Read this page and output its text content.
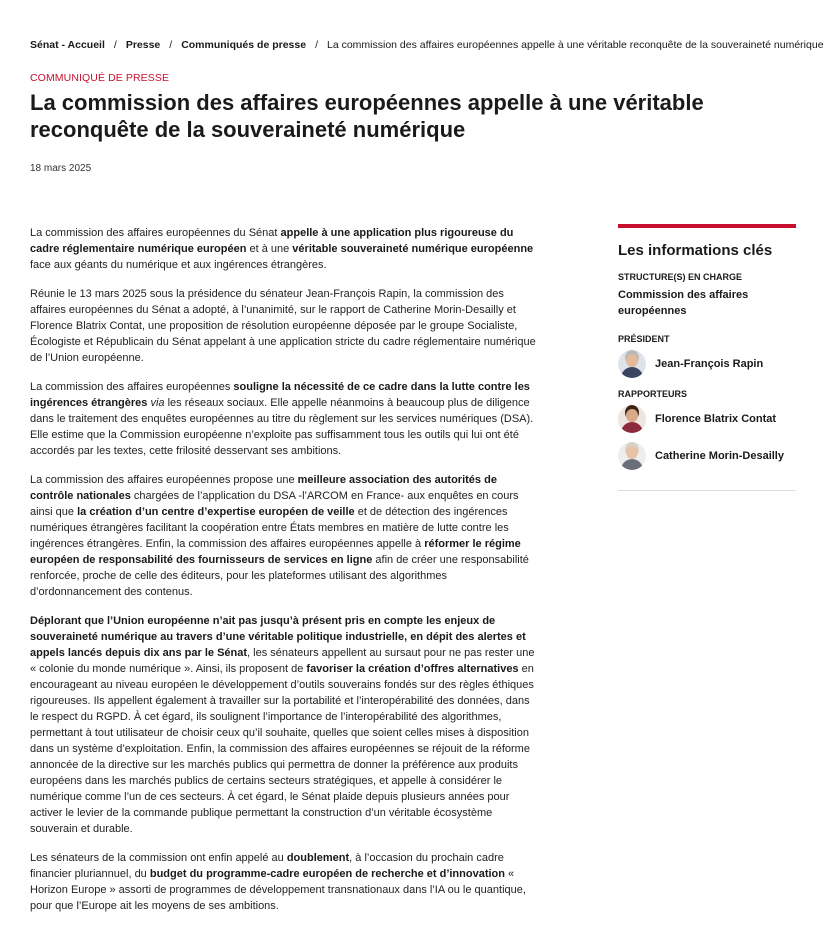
Sénat - Accueil / Presse / Communiqués de presse / La commission des affaires européennes appelle à une véritable reconquête de la souveraineté numérique
COMMUNIQUÉ DE PRESSE
La commission des affaires européennes appelle à une véritable reconquête de la souveraineté numérique
18 mars 2025

La commission des affaires européennes du Sénat appelle à une application plus rigoureuse du cadre réglementaire numérique européen et à une véritable souveraineté numérique européenne face aux géants du numérique et aux ingérences étrangères.

Réunie le 13 mars 2025 sous la présidence du sénateur Jean-François Rapin, la commission des affaires européennes du Sénat a adopté, à l’unanimité, sur le rapport de Catherine Morin-Desailly et Florence Blatrix Contat, une proposition de résolution européenne déposée par le groupe Socialiste, Écologiste et Républicain du Sénat appelant à une application stricte du cadre réglementaire numérique de l’Union européenne.

La commission des affaires européennes souligne la nécessité de ce cadre dans la lutte contre les ingérences étrangères via les réseaux sociaux. Elle appelle néanmoins à beaucoup plus de diligence dans le traitement des enquêtes européennes au titre du règlement sur les services numériques (DSA). Elle estime que la Commission européenne n’exploite pas suffisamment tous les outils qui lui ont été accordés par les textes, cette frilosité desservant ses ambitions.

La commission des affaires européennes propose une meilleure association des autorités de contrôle nationales chargées de l’application du DSA -l’ARCOM en France- aux enquêtes en cours ainsi que la création d’un centre d’expertise européen de veille et de détection des ingérences numériques étrangères facilitant la coopération entre États membres en matière de lutte contre les ingérences étrangères. Enfin, la commission des affaires européennes appelle à réformer le régime européen de responsabilité des fournisseurs de services en ligne afin de créer une responsabilité renforcée, proche de celle des éditeurs, pour les plateformes utilisant des algorithmes d’ordonnancement des contenus.

Déplorant que l’Union européenne n’ait pas jusqu’à présent pris en compte les enjeux de souveraineté numérique au travers d’une véritable politique industrielle, en dépit des alertes et appels lancés depuis dix ans par le Sénat, les sénateurs appellent au sursaut pour ne pas rester une « colonie du monde numérique ». Ainsi, ils proposent de favoriser la création d’offres alternatives en encourageant au niveau européen le développement d’outils souverains fondés sur des règles éthiques rigoureuses. Ils appellent également à travailler sur la portabilité et l’interopérabilité des données, dans le respect du RGPD. À cet égard, ils soulignent l’importance de l’interopérabilité des algorithmes, permettant à tout utilisateur de choisir ceux qu’il souhaite, quelles que soient celles mises à disposition dans un système d’exploitation. Enfin, la commission des affaires européennes se réjouit de la réforme annoncée de la directive sur les marchés publics qui permettra de donner la préférence aux produits européens dans les marchés publics de certains secteurs stratégiques, et appelle à considérer le numérique comme l’un de ces secteurs. À cet égard, le Sénat plaide depuis plusieurs années pour activer le levier de la commande publique permettant la construction d’un véritable écosystème souverain et durable.

Les sénateurs de la commission ont enfin appelé au doublement, à l’occasion du prochain cadre financier pluriannuel, du budget du programme-cadre européen de recherche et d’innovation « Horizon Europe » assorti de programmes de développement transnationaux dans l’IA ou le quantique, pour que l’Europe ait les moyens de ses ambitions.

Les informations clés
STRUCTURE(S) EN CHARGE
Commission des affaires européennes
PRÉSIDENT
Jean-François Rapin
RAPPORTEURS
Florence Blatrix Contat
Catherine Morin-Desailly
